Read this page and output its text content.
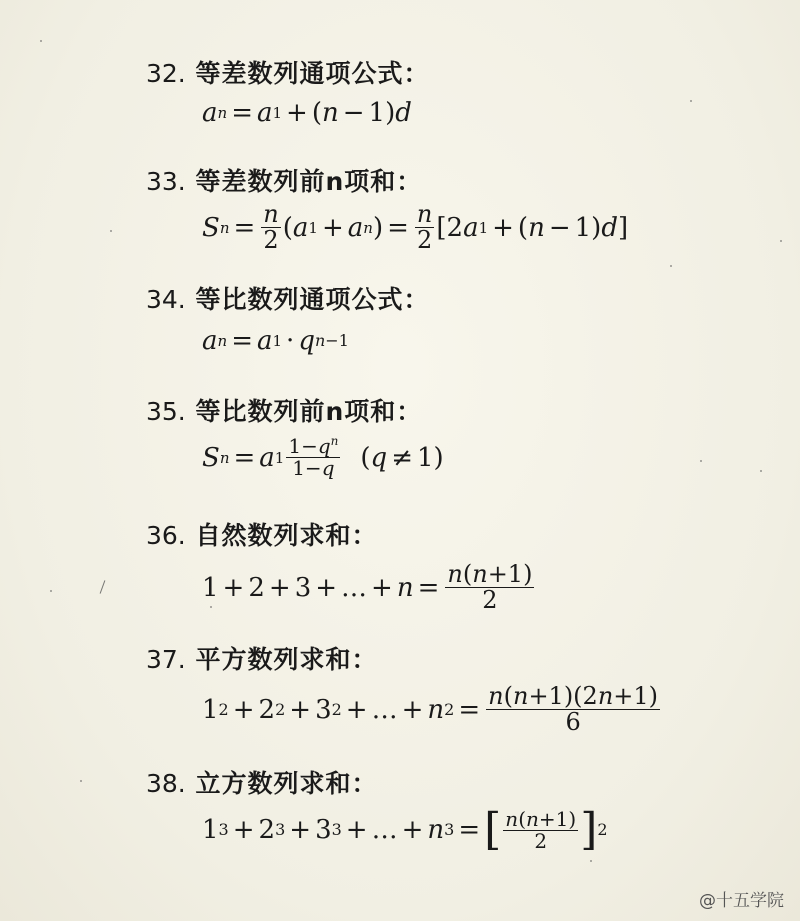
32. 等差数列通项公式：
a n = a 1 + ( n − 1) d
33. 等差数列前n项和：
S $n = \frac{n}{2}$ ( a 1 + a n ) = $\frac{n}{2} [2$ a 1 + ( n − 1) d ]
34. 等比数列通项公式：
a n = a 1 · q n−1
35. 等比数列前n项和：
S n = a $1 \frac{1-q^n}{1-q} (q \ne 1)$
36. 自然数列求和：
1 + 2 + 3 + … + $n = \frac{n(n+1)}{2}$
37. 平方数列求和：
1 2 + 2 2 + 3 2 + … + n $2 = \frac{n(n+1)(2n+1)}{6}$
38. 立方数列求和：
1 3 + 2 3 + 3 3 + … + n 3 = [ $\frac{n(n+1)}{2}$ ] 2
@十五学院
